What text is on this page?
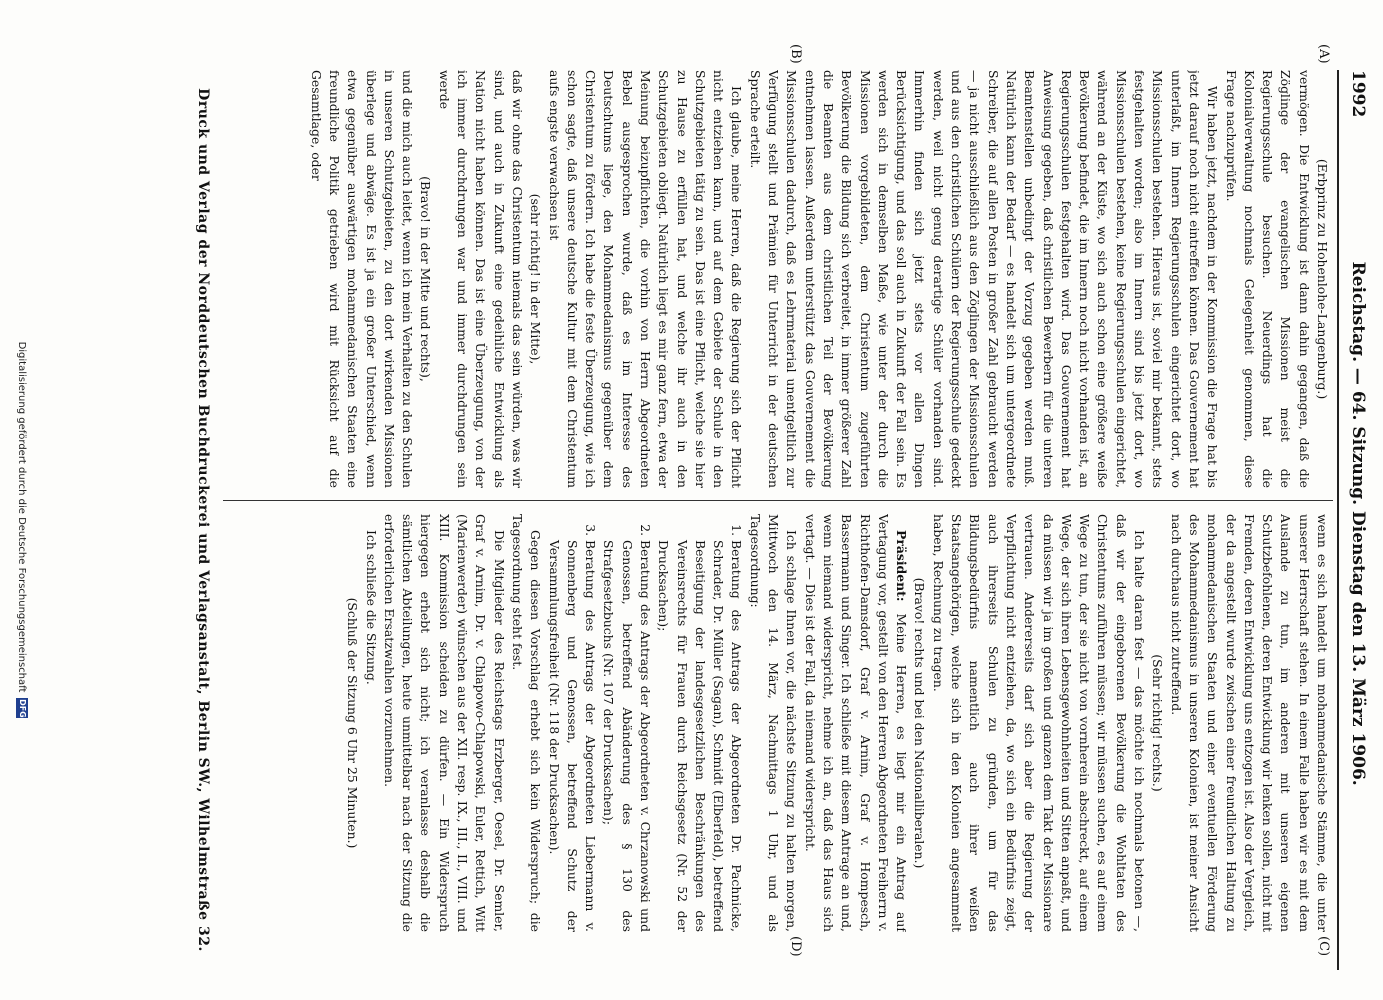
1992
Reichstag. — 64. Sitzung. Dienstag den 13. März 1906.
(A)
(B)
(C)
(D)

(Erbprinz zu Hohenlohe-Langenburg.)

vermögen. Die Entwicklung ist dann dahin gegangen, daß die Zöglinge der evangelischen Missionen meist die Regierungsschule besuchen. Neuerdings hat die Kolonialverwaltung nochmals Gelegenheit genommen, diese Frage nachzuprüfen.

Wir haben jetzt, nachdem in der Kommission die Frage hat bis jetzt darauf noch nicht eintreffen können. Das Gouvernement hat unterlaßt, im Innern Regierungsschulen eingerichtet dort, wo Missionsschulen bestehen. Hieraus ist, soviel mir bekannt, stets festgehalten worden; also im Innern sind bis jetzt dort, wo Missionsschulen bestehen, keine Regierungsschulen eingerichtet, während an der Küste, wo sich auch schon eine größere weiße Bevölkerung befindet, die im Innern noch nicht vorhanden ist, an Regierungsschulen festgehalten wird. Das Gouvernement hat Anweisung gegeben, daß christlichen Bewerbern für die unteren Beamtenstellen unbedingt der Vorzug gegeben werden muß. Natürlich kann der Bedarf — es handelt sich um untergeordnete Schreiber, die auf allen Posten in großer Zahl gebraucht werden — ja nicht ausschließlich aus den Zöglingen der Missionsschulen und aus den christlichen Schülern der Regierungsschule gedeckt werden, weil nicht genug derartige Schüler vorhanden sind. Immerhin finden sich jetzt stets vor allen Dingen Berücksichtigung, und das soll auch in Zukunft der Fall sein. Es werden sich in demselben Maße, wie unter der durch die Missionen vorgebildeten, dem Christentum zugeführten Bevölkerung die Bildung sich verbreitet, in immer größerer Zahl die Beamten aus dem christlichen Teil der Bevölkerung entnehmen lassen. Außerdem unterstützt das Gouvernement die Missionsschulen dadurch, daß es Lehrmaterial unentgeltlich zur Verfügung stellt und Prämien für Unterricht in der deutschen Sprache erteilt.

Ich glaube, meine Herren, daß die Regierung sich der Pflicht nicht entziehen kann, und auf dem Gebiete der Schule in den Schutzgebieten tätig zu sein. Das ist eine Pflicht, welche sie hier zu Hause zu erfüllen hat, und welche ihr auch in den Schutzgebieten obliegt. Natürlich liegt es mir ganz fern, etwa der Meinung beizupflichten, die vorhin von Herrn Abgeordneten Bebel ausgesprochen wurde, daß es im Interesse des Deutschtums liege, den Mohammedanismus gegenüber dem Christentum zu fördern. Ich habe die feste Überzeugung, wie ich schon sagte, daß unsere deutsche Kultur mit dem Christentum aufs engste verwachsen ist

(sehr richtig! in der Mitte),

daß wir ohne das Christentum niemals das sein würden, was wir sind, und auch in Zukunft eine gedeihliche Entwicklung als Nation nicht haben können. Das ist eine Überzeugung, von der ich immer durchdrungen war und immer durchdrungen sein werde

(Bravo! in der Mitte und rechts),

und die mich auch leitet, wenn ich mein Verhalten zu den Schulen in unseren Schutzgebieten, zu den dort wirkenden Missionen überlege und abwäge. Es ist ja ein großer Unterschied, wenn etwa gegenüber auswärtigen mohammedanischen Staaten eine freundliche Politik getrieben wird mit Rücksicht auf die Gesamtlage, oder

wenn es sich handelt um mohammedanische Stämme, die unter unserer Herrschaft stehen. In einem Falle haben wir es mit dem Auslande zu tun, im anderen mit unseren eigenen Schutzbefohlenen, deren Entwicklung wir lenken sollen, nicht mit Fremden, deren Entwicklung uns entzogen ist. Also der Vergleich, der da angestellt wurde zwischen einer freundlichen Haltung zu mohammedanischen Staaten und einer eventuellen Förderung des Mohammedanismus in unseren Kolonien, ist meiner Ansicht nach durchaus nicht zutreffend.

(Sehr richtig! rechts.)

Ich halte daran fest — das möchte ich nochmals betonen —, daß wir der eingeborenen Bevölkerung die Wohltaten des Christentums zuführen müssen; wir müssen suchen, es auf einem Wege zu tun, der sie nicht von vornherein abschreckt, auf einem Wege, der sich ihren Lebensgewohnheiten und Sitten anpaßt, und da müssen wir ja im großen und ganzen dem Takt der Missionare vertrauen. Andererseits darf sich aber die Regierung der Verpflichtung nicht entziehen, da, wo sich ein Bedürfnis zeigt, auch ihrerseits Schulen zu gründen, um für das Bildungsbedürfnis namentlich auch ihrer weißen Staatsangehörigen, welche sich in den Kolonien angesammelt haben, Rechnung zu tragen.

(Bravo! rechts und bei den Nationalliberalen.)

Präsident: Meine Herren, es liegt mir ein Antrag auf Vertagung vor, gestellt von den Herren Abgeordneten Freiherrn v. Richthofen-Damsdorf, Graf v. Arnim, Graf v. Hompesch, Bassermann und Singer. Ich schließe mit diesem Antrage an und, wenn niemand widerspricht, nehme ich an, daß das Haus sich vertagt. — Dies ist der Fall, da niemand widerspricht.

Ich schlage Ihnen vor, die nächste Sitzung zu halten morgen, Mittwoch den 14. März, Nachmittags 1 Uhr, und als Tagesordnung:

1. Beratung des Antrags der Abgeordneten Dr. Pachnicke, Schrader, Dr. Müller (Sagan), Schmidt (Elberfeld), betreffend Beseitigung der landesgesetzlichen Beschränkungen des Vereinsrechts für Frauen durch Reichsgesetz (Nr. 52 der Drucksachen);
2. Beratung des Antrags der Abgeordneten v. Chrzanowski und Genossen, betreffend Abänderung des § 130 des Strafgesetzbuchs (Nr. 107 der Drucksachen);
3. Beratung des Antrags der Abgeordneten Liebermann v. Sonnenberg und Genossen, betreffend Schutz der Versammlungsfreiheit (Nr. 118 der Drucksachen).

Gegen diesen Vorschlag erhebt sich kein Widerspruch; die Tagesordnung steht fest.

Die Mitglieder des Reichstags Erzberger, Oesel, Dr. Semler, Graf v. Arnim, Dr. v. Chlapowo-Chlapowski, Euler, Rettich, Witt (Marienwerder) wünschen aus der XII. resp. IX., III., II., VIII. und XIII. Kommission scheiden zu dürfen. — Ein Widerspruch hiergegen erhebt sich nicht; ich veranlasse deshalb die sämtlichen Abteilungen, heute unmittelbar nach der Sitzung die erforderlichen Ersatzwahlen vorzunehmen.

Ich schließe die Sitzung.

(Schluß der Sitzung 6 Uhr 25 Minuten.)

Druck und Verlag der Norddeutschen Buchdruckerei und Verlagsanstalt, Berlin SW., Wilhelmstraße 32.
Digitalisierung gefördert durch die Deutsche Forschungsgemeinschaft
DFG
